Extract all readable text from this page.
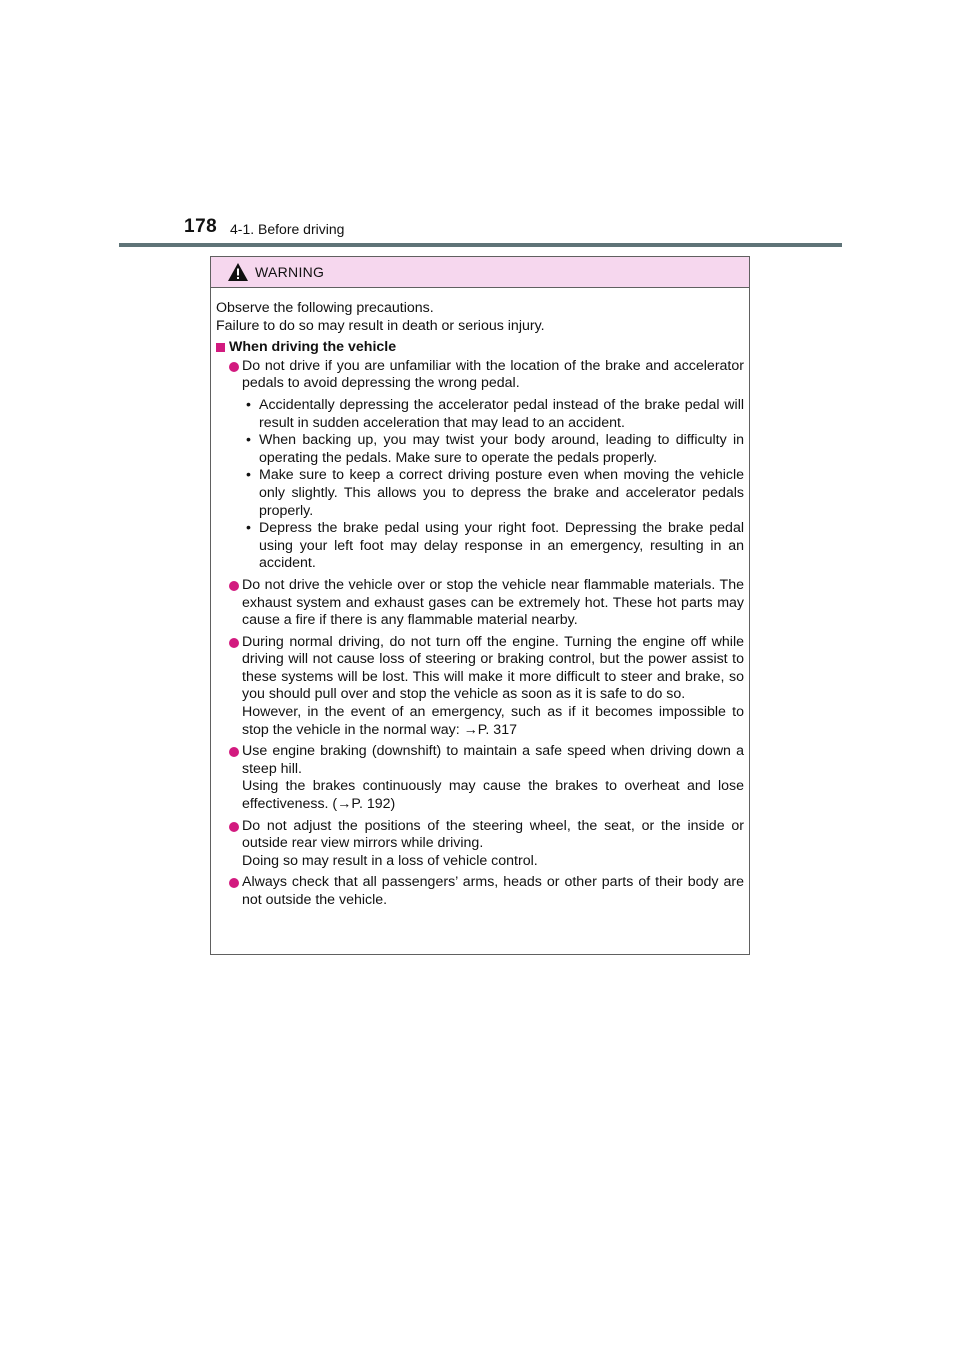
178 4-1. Before driving
WARNING

Observe the following precautions.

Failure to do so may result in death or serious injury.

When driving the vehicle
Do not drive if you are unfamiliar with the location of the brake and accelerator pedals to avoid depressing the wrong pedal.
• Accidentally depressing the accelerator pedal instead of the brake pedal will result in sudden acceleration that may lead to an accident.
• When backing up, you may twist your body around, leading to difficulty in operating the pedals. Make sure to operate the pedals properly.
• Make sure to keep a correct driving posture even when moving the vehicle only slightly. This allows you to depress the brake and accelerator pedals properly.
• Depress the brake pedal using your right foot. Depressing the brake pedal using your left foot may delay response in an emergency, resulting in an accident.
Do not drive the vehicle over or stop the vehicle near flammable materials. The exhaust system and exhaust gases can be extremely hot. These hot parts may cause a fire if there is any flammable material nearby.
During normal driving, do not turn off the engine. Turning the engine off while driving will not cause loss of steering or braking control, but the power assist to these systems will be lost. This will make it more difficult to steer and brake, so you should pull over and stop the vehicle as soon as it is safe to do so.
However, in the event of an emergency, such as if it becomes impossible to stop the vehicle in the normal way: →P. 317
Use engine braking (downshift) to maintain a safe speed when driving down a steep hill.
Using the brakes continuously may cause the brakes to overheat and lose effectiveness. (→P. 192)
Do not adjust the positions of the steering wheel, the seat, or the inside or outside rear view mirrors while driving.
Doing so may result in a loss of vehicle control.
Always check that all passengers’ arms, heads or other parts of their body are not outside the vehicle.
